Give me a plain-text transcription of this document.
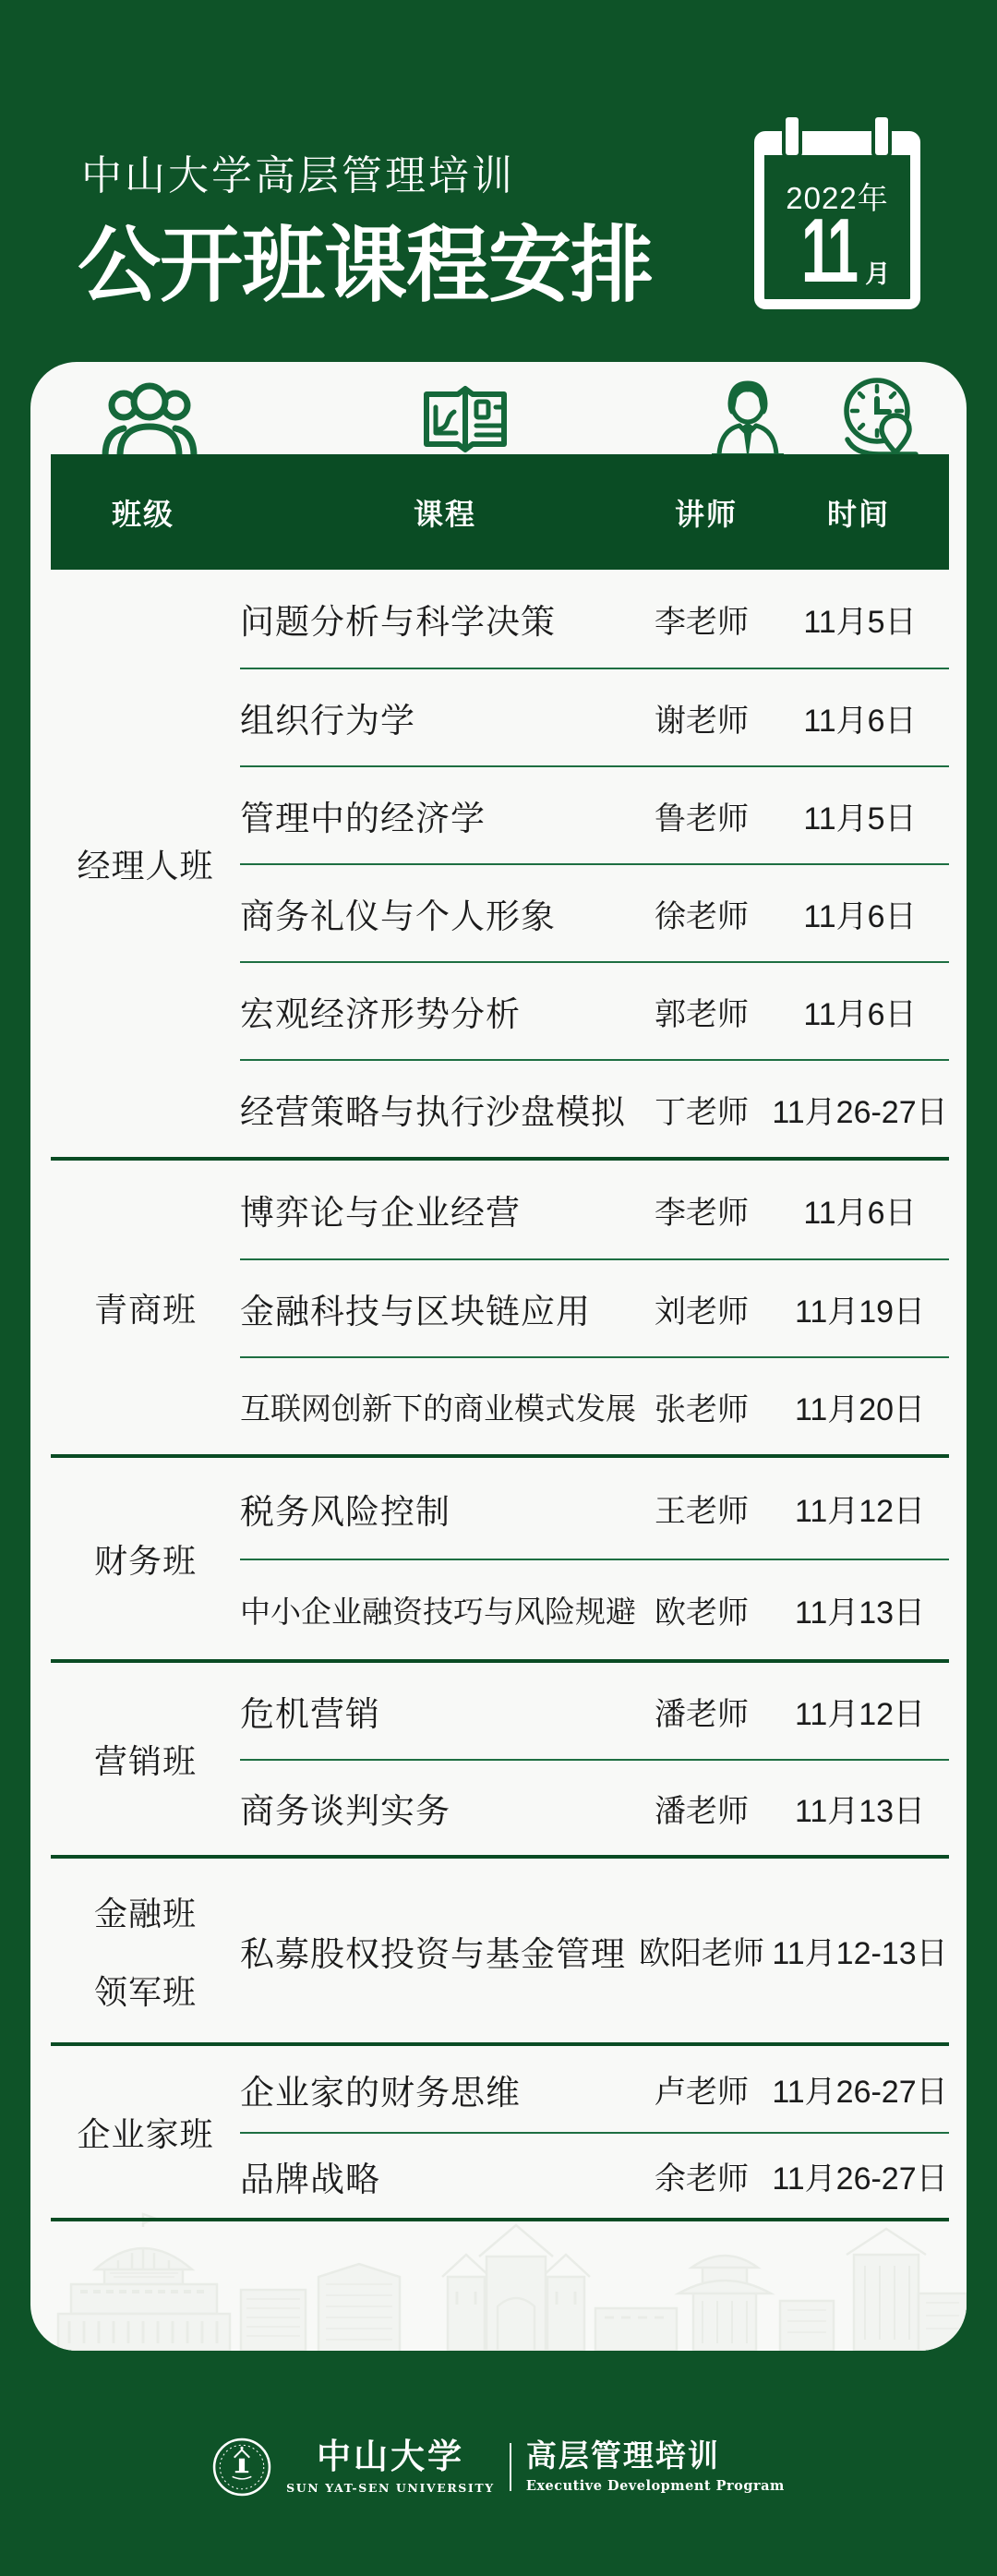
中山大学高层管理培训
公开班课程安排
2022年
11 月
班级	课程	讲师	时间
经理人班
问题分析与科学决策	李老师	11月5日
组织行为学	谢老师	11月6日
管理中的经济学	鲁老师	11月5日
商务礼仪与个人形象	徐老师	11月6日
宏观经济形势分析	郭老师	11月6日
经营策略与执行沙盘模拟 丁老师 11月26-27日
青商班
博弈论与企业经营	李老师	11月6日
金融科技与区块链应用	刘老师	11月19日
互联网创新下的商业模式发展 张老师	11月20日
财务班
税务风险控制	王老师	11月12日
中小企业融资技巧与风险规避 欧老师	11月13日
营销班
危机营销	潘老师	11月12日
商务谈判实务	潘老师	11月13日
金融班
领军班
私募股权投资与基金管理 欧阳老师 11月12-13日
企业家班
企业家的财务思维	卢老师 11月26-27日
品牌战略	余老师 11月26-27日
中山大学
SUN YAT-SEN UNIVERSITY
高层管理培训
Executive Development Program
